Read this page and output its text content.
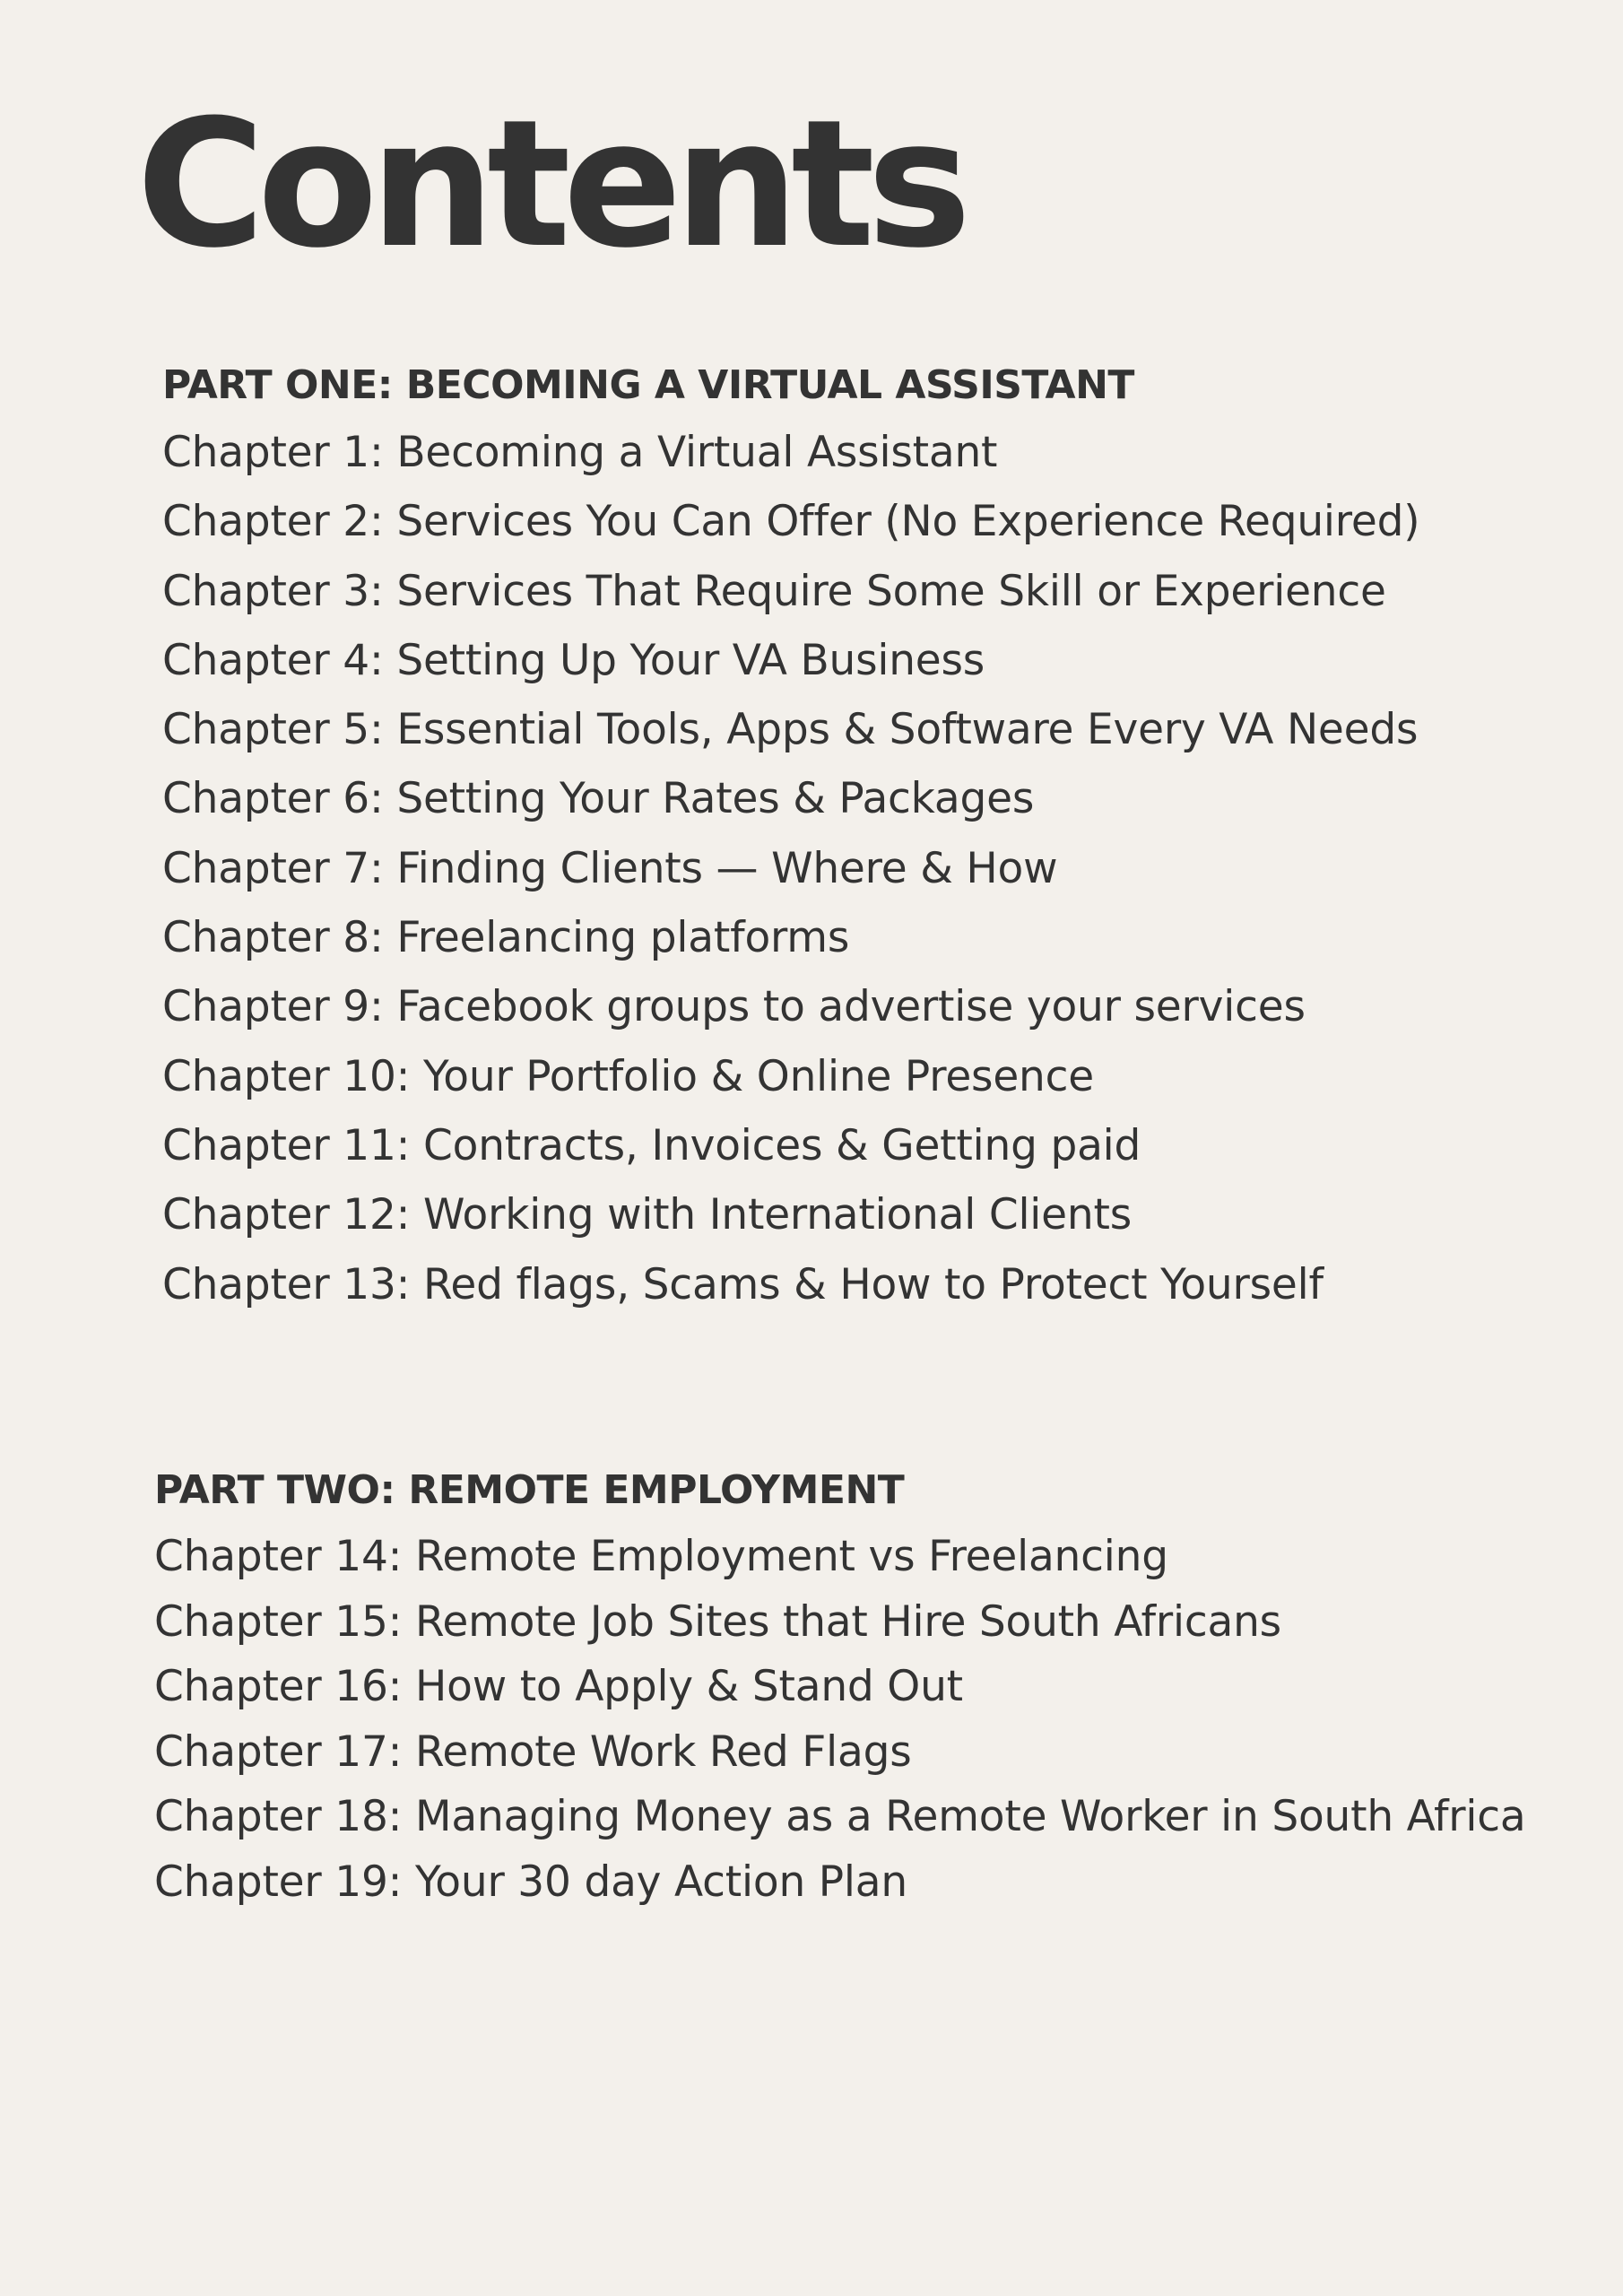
Contents
PART ONE: BECOMING A VIRTUAL ASSISTANT
Chapter 1: Becoming a Virtual Assistant
Chapter 2: Services You Can Offer (No Experience Required)
Chapter 3: Services That Require Some Skill or Experience
Chapter 4: Setting Up Your VA Business
Chapter 5: Essential Tools, Apps & Software Every VA Needs
Chapter 6: Setting Your Rates & Packages
Chapter 7: Finding Clients — Where & How
Chapter 8: Freelancing platforms
Chapter 9: Facebook groups to advertise your services
Chapter 10: Your Portfolio & Online Presence
Chapter 11: Contracts, Invoices & Getting paid
Chapter 12: Working with International Clients
Chapter 13: Red flags, Scams & How to Protect Yourself
PART TWO: REMOTE EMPLOYMENT
Chapter 14: Remote Employment vs Freelancing
Chapter 15: Remote Job Sites that Hire South Africans
Chapter 16: How to Apply & Stand Out
Chapter 17: Remote Work Red Flags
Chapter 18: Managing Money as a Remote Worker in South Africa
Chapter 19: Your 30 day Action Plan
